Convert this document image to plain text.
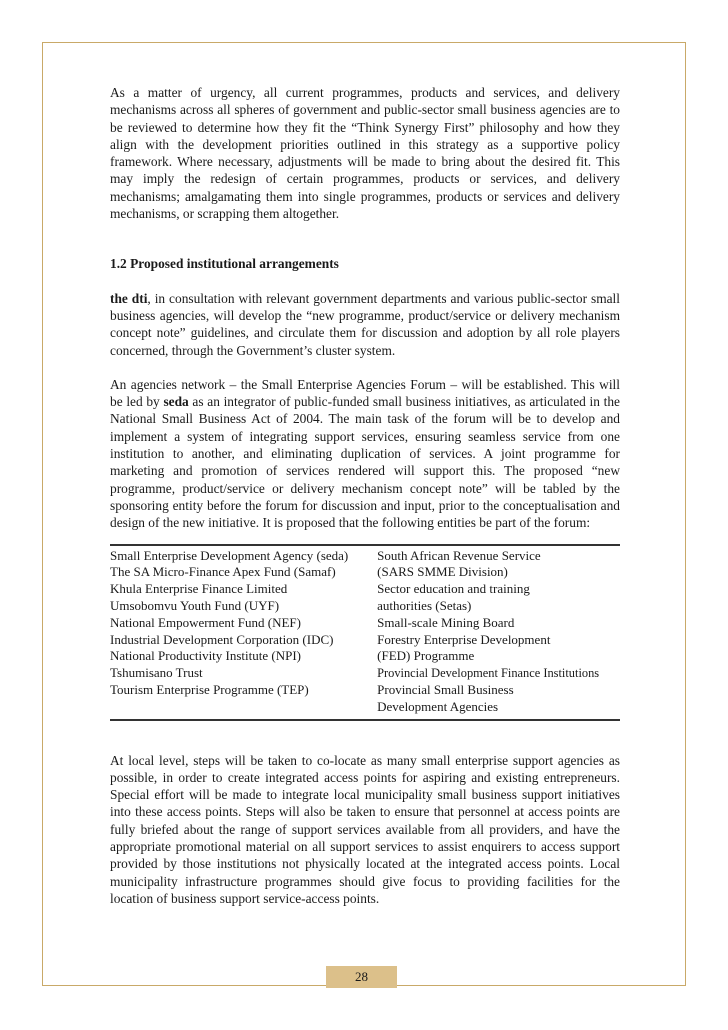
As a matter of urgency, all current programmes, products and services, and delivery mechanisms across all spheres of government and public-sector small business agencies are to be reviewed to determine how they fit the “Think Synergy First” philosophy and how they align with the development priorities outlined in this strategy as a supportive policy framework. Where necessary, adjustments will be made to bring about the desired fit. This may imply the redesign of certain programmes, products or services, and delivery mechanisms; amalgamating them into single programmes, products or services and delivery mechanisms, or scrapping them altogether.

1.2 Proposed institutional arrangements

the dti, in consultation with relevant government departments and various public-sector small business agencies, will develop the “new programme, product/service or delivery mechanism concept note” guidelines, and circulate them for discussion and adoption by all role players concerned, through the Government’s cluster system.

An agencies network – the Small Enterprise Agencies Forum – will be established. This will be led by seda as an integrator of public-funded small business initiatives, as articulated in the National Small Business Act of 2004. The main task of the forum will be to develop and implement a system of integrating support services, ensuring seamless service from one institution to another, and eliminating duplication of services. A joint programme for marketing and promotion of services rendered will support this. The proposed “new programme, product/service or delivery mechanism concept note” will be tabled by the sponsoring entity before the forum for discussion and input, prior to the conceptualisation and design of the new initiative. It is proposed that the following entities be part of the forum:

Small Enterprise Development Agency (seda)
The SA Micro-Finance Apex Fund (Samaf)
Khula Enterprise Finance Limited
Umsobomvu Youth Fund (UYF)
National Empowerment Fund (NEF)
Industrial Development Corporation (IDC)
National Productivity Institute (NPI)
Tshumisano Trust
Tourism Enterprise Programme (TEP)
South African Revenue Service
(SARS SMME Division)
Sector education and training
authorities (Setas)
Small-scale Mining Board
Forestry Enterprise Development
(FED) Programme
Provincial Development Finance Institutions
Provincial Small Business
Development Agencies

At local level, steps will be taken to co-locate as many small enterprise support agencies as possible, in order to create integrated access points for aspiring and existing entrepreneurs. Special effort will be made to integrate local municipality small business support initiatives into these access points. Steps will also be taken to ensure that personnel at access points are fully briefed about the range of support services available from all providers, and have the appropriate promotional material on all support services to assist enquirers to access support provided by those institutions not physically located at the integrated access points. Local municipality infrastructure programmes should give focus to providing facilities for the location of business support service-access points.

28
